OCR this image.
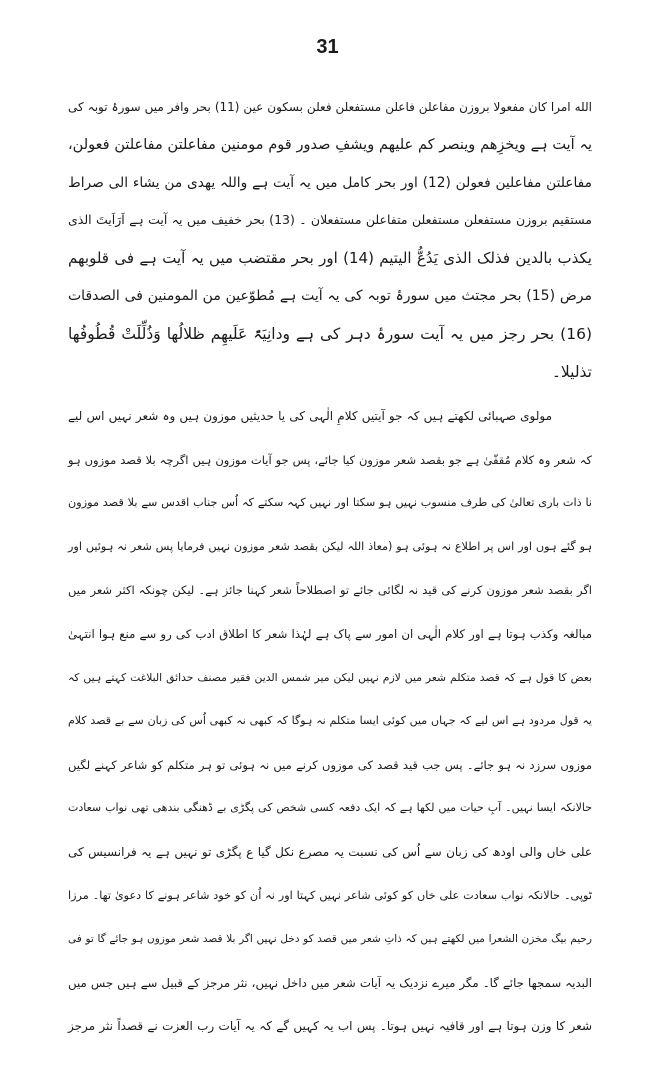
31
الله امرا کان مفعولا بروزن مفاعلن فاعلن مستفعلن فعلن بسکون عین (11) بحر وافر میں سورۂ توبہ کی
یہ آیت ہے ویخزِھم وینصر کم علیھم ویشفِ صدور قوم مومنین مفاعلتن مفاعلتن فعولن،
مفاعلتن مفاعلین فعولن (12) اور بحر کامل میں یہ آیت ہے واللہ یھدی من یشاء الی صراط
مستقیم بروزن مستفعلن مستفعلن متفاعلن مستفعلان ۔ (13) بحر خفیف میں یہ آیت ہے اَرَاَیتَ الذی
یکذب بالدین فذلک الذی یَدُعُّ الیتیم (14) اور بحر مقتضب میں یہ آیت ہے فی قلوبھم
مرض (15) بحر مجتث میں سورۂ توبہ کی یہ آیت ہے مُطوّعین من المومنین فی الصدقات
(16) بحر رجز میں یہ آیت سورۂ دہر کی ہے ودانِیَۃً عَلَیھِم ظلالُھا وَذُلِّلَتْ قُطُوفُھا
تذلیلا۔
مولوی صہبائی لکھتے ہیں کہ جو آیتیں کلامِ الٰہی کی یا حدیثیں موزون ہیں وہ شعر نہیں اس لیے
کہ شعر وہ کلام مُقفّیٰ ہے جو بقصد شعر موزون کیا جائے، پس جو آیات موزون ہیں اگرچہ بلا قصد موزوں ہو
نا ذات باری تعالیٰ کی طرف منسوب نہیں ہو سکتا اور نہیں کہہ سکتے کہ اُس جناب اقدس سے بلا قصد موزون
ہو گئے ہوں اور اس پر اطلاع نہ ہوئی ہو (معاذ اللہ لیکن بقصد شعر موزون نہیں فرمایا پس شعر نہ ہوئیں اور
اگر بقصد شعر موزون کرنے کی قید نہ لگائی جائے تو اصطلاحاً شعر کہنا جائز ہے۔ لیکن چونکہ اکثر شعر میں
مبالغہ وکذب ہوتا ہے اور کلام الٰہی ان امور سے پاک ہے لہٰذا شعر کا اطلاق ادب کی رو سے منع ہوا انتہیٰ
بعض کا قول ہے کہ قصد متکلم شعر میں لازم نہیں لیکن میر شمس الدین فقیر مصنف حدائق البلاغت کہتے ہیں کہ
یہ قول مردود ہے اس لیے کہ جہاں میں کوئی ایسا متکلم نہ ہوگا کہ کبھی نہ کبھی اُس کی زبان سے بے قصد کلام
موزوں سرزد نہ ہو جائے۔ پس جب قید قصد کی موزوں کرنے میں نہ ہوئی تو ہر متکلم کو شاعر کہنے لگیں
حالانکہ ایسا نہیں۔ آبِ حیات میں لکھا ہے کہ ایک دفعہ کسی شخص کی پگڑی بے ڈھنگی بندھی تھی نواب سعادت
علی خاں والی اودھ کی زبان سے اُس کی نسبت یہ مصرع نکل گیا ع پگڑی تو نہیں ہے یہ فرانسیس کی
ٹوپی۔ حالانکہ نواب سعادت علی خاں کو کوئی شاعر نہیں کہتا اور نہ اُن کو خود شاعر ہونے کا دعویٰ تھا۔ مرزا
رحیم بیگ مخزن الشعرا میں لکھتے ہیں کہ ذاتِ شعر میں قصد کو دخل نہیں اگر بلا قصد شعر موزوں ہو جائے گا تو فی
البدیہ سمجھا جائے گا۔ مگر میرے نزدیک یہ آیات شعر میں داخل نہیں، نثر مرجز کے قبیل سے ہیں جس میں
شعر کا وزن ہوتا ہے اور قافیہ نہیں ہوتا۔ پس اب یہ کہیں گے کہ یہ آیات رب العزت نے قصداً نثر مرجز
